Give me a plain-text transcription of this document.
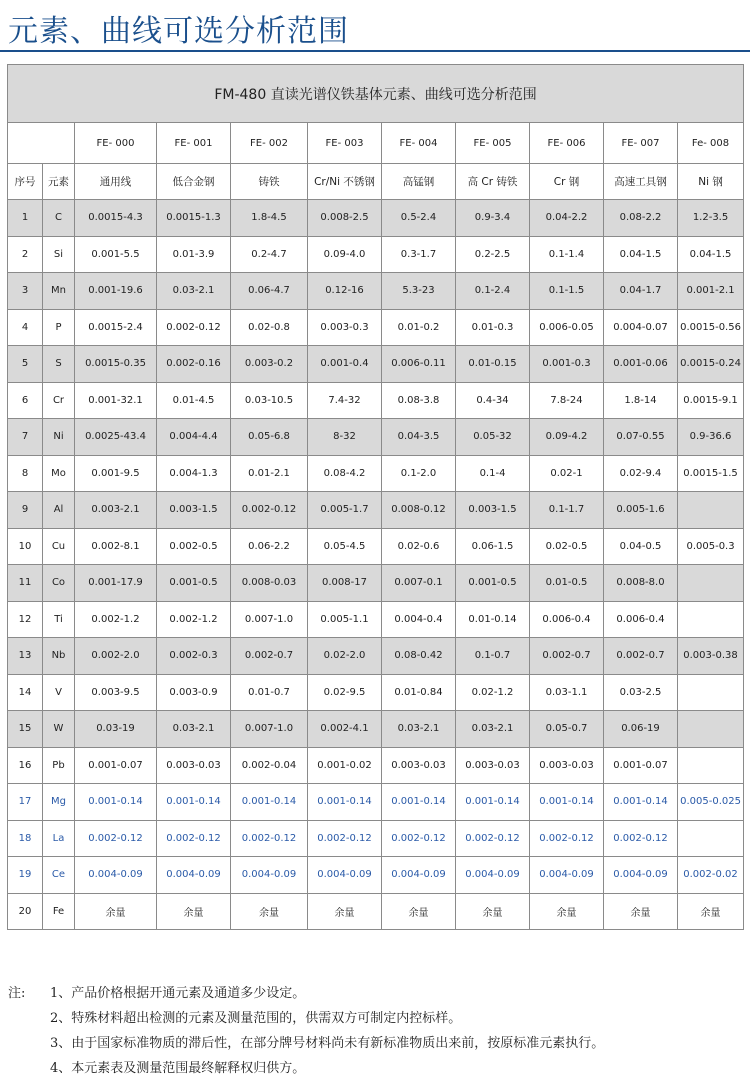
元素、曲线可选分析范围
FM-480 直读光谱仪铁基体元素、曲线可选分析范围										
		FE- 000	FE- 001	FE- 002	FE- 003	FE- 004	FE- 005	FE- 006	FE- 007	Fe- 008
序号	元素	通用线	低合金钢	铸铁	Cr/Ni 不锈钢	高锰钢	高 Cr 铸铁	Cr 钢	高速工具钢	Ni 钢
1	C	0.0015-4.3	0.0015-1.3	1.8-4.5	0.008-2.5	0.5-2.4	0.9-3.4	0.04-2.2	0.08-2.2	1.2-3.5
2	Si	0.001-5.5	0.01-3.9	0.2-4.7	0.09-4.0	0.3-1.7	0.2-2.5	0.1-1.4	0.04-1.5	0.04-1.5
3	Mn	0.001-19.6	0.03-2.1	0.06-4.7	0.12-16	5.3-23	0.1-2.4	0.1-1.5	0.04-1.7	0.001-2.1
4	P	0.0015-2.4	0.002-0.12	0.02-0.8	0.003-0.3	0.01-0.2	0.01-0.3	0.006-0.05	0.004-0.07	0.0015-0.56
5	S	0.0015-0.35	0.002-0.16	0.003-0.2	0.001-0.4	0.006-0.11	0.01-0.15	0.001-0.3	0.001-0.06	0.0015-0.24
6	Cr	0.001-32.1	0.01-4.5	0.03-10.5	7.4-32	0.08-3.8	0.4-34	7.8-24	1.8-14	0.0015-9.1
7	Ni	0.0025-43.4	0.004-4.4	0.05-6.8	8-32	0.04-3.5	0.05-32	0.09-4.2	0.07-0.55	0.9-36.6
8	Mo	0.001-9.5	0.004-1.3	0.01-2.1	0.08-4.2	0.1-2.0	0.1-4	0.02-1	0.02-9.4	0.0015-1.5
9	Al	0.003-2.1	0.003-1.5	0.002-0.12	0.005-1.7	0.008-0.12	0.003-1.5	0.1-1.7	0.005-1.6	
10	Cu	0.002-8.1	0.002-0.5	0.06-2.2	0.05-4.5	0.02-0.6	0.06-1.5	0.02-0.5	0.04-0.5	0.005-0.3
11	Co	0.001-17.9	0.001-0.5	0.008-0.03	0.008-17	0.007-0.1	0.001-0.5	0.01-0.5	0.008-8.0	
12	Ti	0.002-1.2	0.002-1.2	0.007-1.0	0.005-1.1	0.004-0.4	0.01-0.14	0.006-0.4	0.006-0.4	
13	Nb	0.002-2.0	0.002-0.3	0.002-0.7	0.02-2.0	0.08-0.42	0.1-0.7	0.002-0.7	0.002-0.7	0.003-0.38
14	V	0.003-9.5	0.003-0.9	0.01-0.7	0.02-9.5	0.01-0.84	0.02-1.2	0.03-1.1	0.03-2.5	
15	W	0.03-19	0.03-2.1	0.007-1.0	0.002-4.1	0.03-2.1	0.03-2.1	0.05-0.7	0.06-19	
16	Pb	0.001-0.07	0.003-0.03	0.002-0.04	0.001-0.02	0.003-0.03	0.003-0.03	0.003-0.03	0.001-0.07	
17	Mg	0.001-0.14	0.001-0.14	0.001-0.14	0.001-0.14	0.001-0.14	0.001-0.14	0.001-0.14	0.001-0.14	0.005-0.025
18	La	0.002-0.12	0.002-0.12	0.002-0.12	0.002-0.12	0.002-0.12	0.002-0.12	0.002-0.12	0.002-0.12	
19	Ce	0.004-0.09	0.004-0.09	0.004-0.09	0.004-0.09	0.004-0.09	0.004-0.09	0.004-0.09	0.004-0.09	0.002-0.02
20	Fe	余量	余量	余量	余量	余量	余量	余量	余量	余量
注: 1、产品价格根据开通元素及通道多少设定。
2、特殊材料超出检测的元素及测量范围的，供需双方可制定内控标样。
3、由于国家标准物质的滞后性，在部分牌号材料尚未有新标准物质出来前，按原标准元素执行。
4、本元素表及测量范围最终解释权归供方。
